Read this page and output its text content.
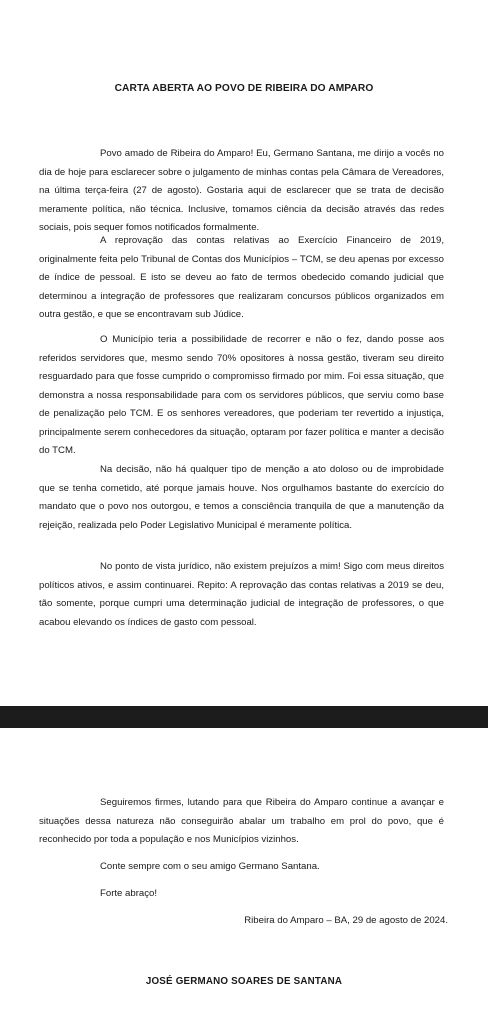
CARTA ABERTA AO POVO DE RIBEIRA DO AMPARO

Povo amado de Ribeira do Amparo! Eu, Germano Santana, me dirijo a vocês no dia de hoje para esclarecer sobre o julgamento de minhas contas pela Câmara de Vereadores, na última terça-feira (27 de agosto). Gostaria aqui de esclarecer que se trata de decisão meramente política, não técnica. Inclusive, tomamos ciência da decisão através das redes sociais, pois sequer fomos notificados formalmente.

A reprovação das contas relativas ao Exercício Financeiro de 2019, originalmente feita pelo Tribunal de Contas dos Municípios – TCM, se deu apenas por excesso de índice de pessoal. E isto se deveu ao fato de termos obedecido comando judicial que determinou a integração de professores que realizaram concursos públicos organizados em outra gestão, e que se encontravam sub Júdice.

O Município teria a possibilidade de recorrer e não o fez, dando posse aos referidos servidores que, mesmo sendo 70% opositores à nossa gestão, tiveram seu direito resguardado para que fosse cumprido o compromisso firmado por mim. Foi essa situação, que demonstra a nossa responsabilidade para com os servidores públicos, que serviu como base de penalização pelo TCM. E os senhores vereadores, que poderiam ter revertido a injustiça, principalmente serem conhecedores da situação, optaram por fazer política e manter a decisão do TCM.

Na decisão, não há qualquer tipo de menção a ato doloso ou de improbidade que se tenha cometido, até porque jamais houve. Nos orgulhamos bastante do exercício do mandato que o povo nos outorgou, e temos a consciência tranquila de que a manutenção da rejeição, realizada pelo Poder Legislativo Municipal é meramente política.

No ponto de vista jurídico, não existem prejuízos a mim! Sigo com meus direitos políticos ativos, e assim continuarei. Repito: A reprovação das contas relativas a 2019 se deu, tão somente, porque cumpri uma determinação judicial de integração de professores, o que acabou elevando os índices de gasto com pessoal.

Seguiremos firmes, lutando para que Ribeira do Amparo continue a avançar e situações dessa natureza não conseguirão abalar um trabalho em prol do povo, que é reconhecido por toda a população e nos Municípios vizinhos.

Conte sempre com o seu amigo Germano Santana.
Forte abraço!
Ribeira do Amparo – BA, 29 de agosto de 2024.
JOSÉ GERMANO SOARES DE SANTANA
